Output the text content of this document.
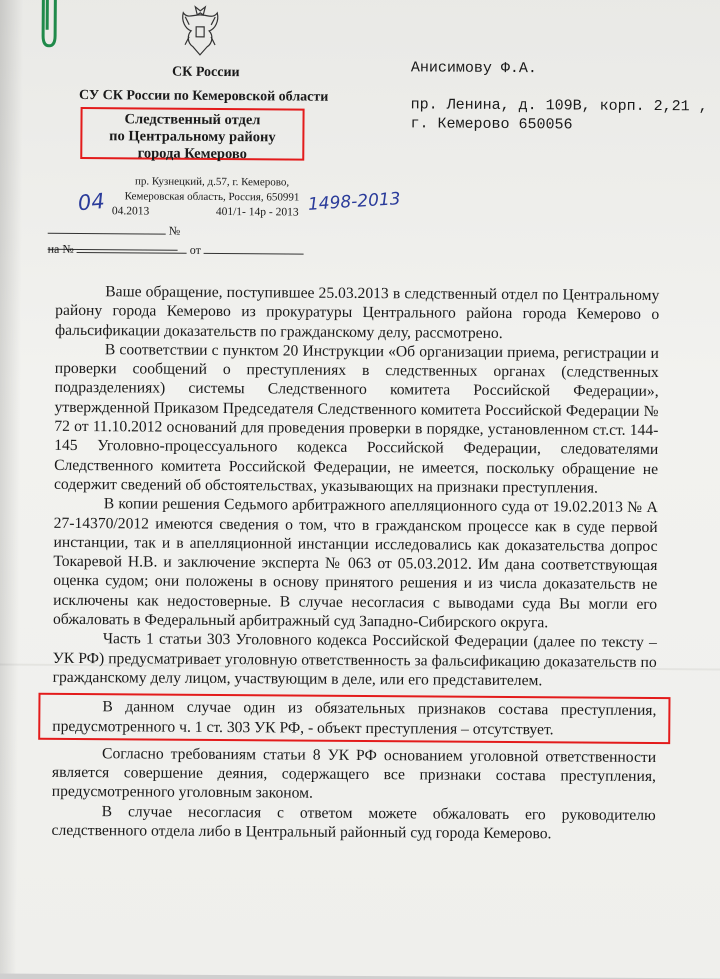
СК России
СУ СК России по Кемеровской области
Следственный отдел
по Центральному району
города Кемерово
пр. Кузнецкий, д.57, г. Кемерово,
Кемеровская область, Россия, 650991
04 04.2013	401/1- 14р - 2013 1498-2013
№
на №	от
Анисимову Ф.А.
пр. Ленина, д. 109В, корп. 2,21 ,
г. Кемерово 650056

Ваше обращение, поступившее 25.03.2013 в следственный отдел по Центральному району города Кемерово из прокуратуры Центрального района города Кемерово о фальсификации доказательств по гражданскому делу, рассмотрено.

В соответствии с пунктом 20 Инструкции «Об организации приема, регистрации и проверки сообщений о преступлениях в следственных органах (следственных подразделениях) системы Следственного комитета Российской Федерации», утвержденной Приказом Председателя Следственного комитета Российской Федерации № 72 от 11.10.2012 оснований для проведения проверки в порядке, установленном ст.ст. 144-145 Уголовно-процессуального кодекса Российской Федерации, следователями Следственного комитета Российской Федерации, не имеется, поскольку обращение не содержит сведений об обстоятельствах, указывающих на признаки преступления.

В копии решения Седьмого арбитражного апелляционного суда от 19.02.2013 № А 27-14370/2012 имеются сведения о том, что в гражданском процессе как в суде первой инстанции, так и в апелляционной инстанции исследовались как доказательства допрос Токаревой Н.В. и заключение эксперта № 063 от 05.03.2012. Им дана соответствующая оценка судом; они положены в основу принятого решения и из числа доказательств не исключены как недостоверные. В случае несогласия с выводами суда Вы могли его обжаловать в Федеральный арбитражный суд Западно-Сибирского округа.

Часть 1 статьи 303 Уголовного кодекса Российской Федерации (далее по тексту – УК РФ) предусматривает уголовную ответственность за фальсификацию доказательств по гражданскому делу лицом, участвующим в деле, или его представителем.

В данном случае один из обязательных признаков состава преступления, предусмотренного ч. 1 ст. 303 УК РФ, - объект преступления – отсутствует.

Согласно требованиям статьи 8 УК РФ основанием уголовной ответственности является совершение деяния, содержащего все признаки состава преступления, предусмотренного уголовным законом.

В случае несогласия с ответом можете обжаловать его руководителю следственного отдела либо в Центральный районный суд города Кемерово.
